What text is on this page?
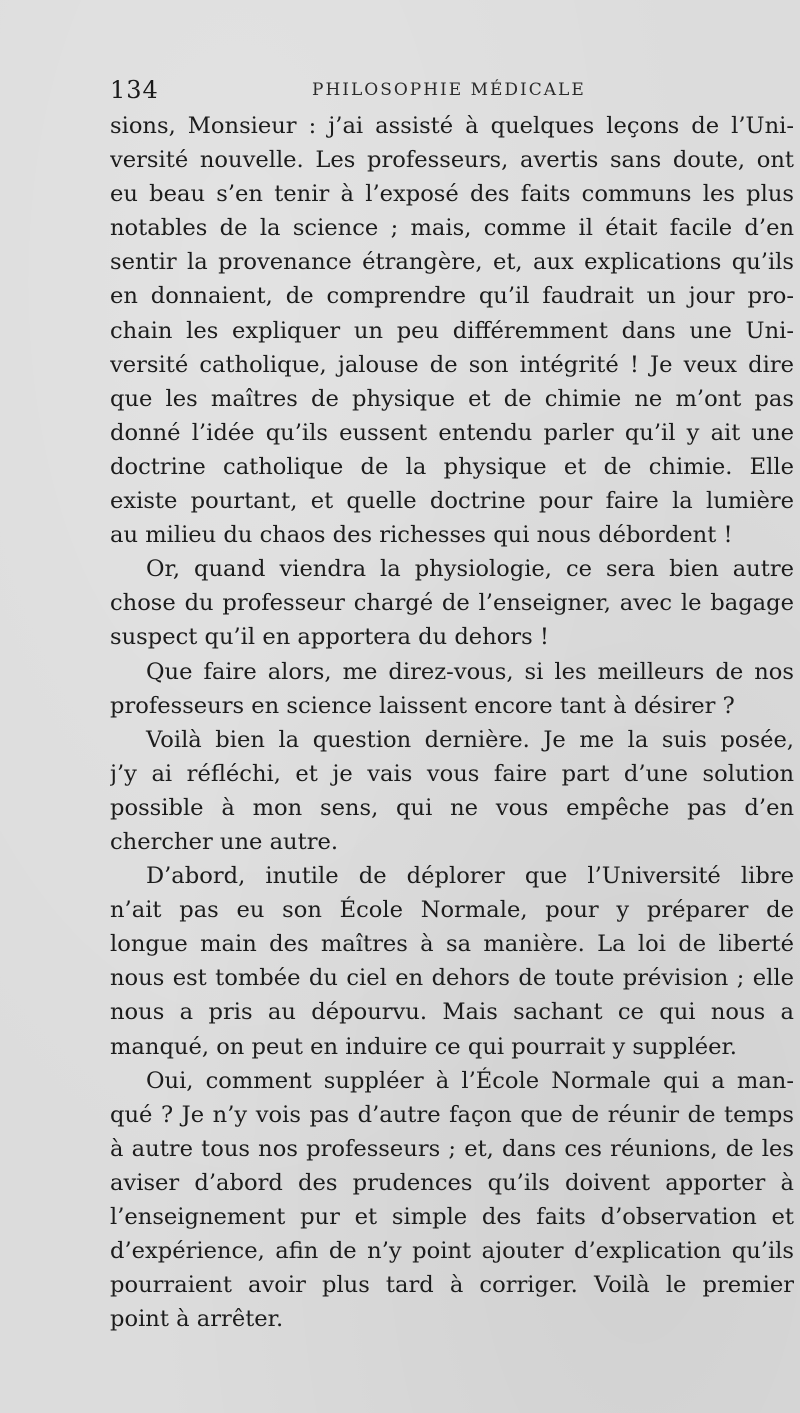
134	PHILOSOPHIE MÉDICALE
sions, Monsieur : j’ai assisté à quelques leçons de l’Uni-
versité nouvelle. Les professeurs, avertis sans doute, ont
eu beau s’en tenir à l’exposé des faits communs les plus
notables de la science ; mais, comme il était facile d’en
sentir la provenance étrangère, et, aux explications qu’ils
en donnaient, de comprendre qu’il faudrait un jour pro-
chain les expliquer un peu différemment dans une Uni-
versité catholique, jalouse de son intégrité ! Je veux dire
que les maîtres de physique et de chimie ne m’ont pas
donné l’idée qu’ils eussent entendu parler qu’il y ait une
doctrine catholique de la physique et de chimie. Elle
existe pourtant, et quelle doctrine pour faire la lumière
au milieu du chaos des richesses qui nous débordent !
Or, quand viendra la physiologie, ce sera bien autre
chose du professeur chargé de l’enseigner, avec le bagage
suspect qu’il en apportera du dehors !
Que faire alors, me direz-vous, si les meilleurs de nos
professeurs en science laissent encore tant à désirer ?
Voilà bien la question dernière. Je me la suis posée,
j’y ai réfléchi, et je vais vous faire part d’une solution
possible à mon sens, qui ne vous empêche pas d’en
chercher une autre.
D’abord, inutile de déplorer que l’Université libre
n’ait pas eu son École Normale, pour y préparer de
longue main des maîtres à sa manière. La loi de liberté
nous est tombée du ciel en dehors de toute prévision ; elle
nous a pris au dépourvu. Mais sachant ce qui nous a
manqué, on peut en induire ce qui pourrait y suppléer.
Oui, comment suppléer à l’École Normale qui a man-
qué ? Je n’y vois pas d’autre façon que de réunir de temps
à autre tous nos professeurs ; et, dans ces réunions, de les
aviser d’abord des prudences qu’ils doivent apporter à
l’enseignement pur et simple des faits d’observation et
d’expérience, afin de n’y point ajouter d’explication qu’ils
pourraient avoir plus tard à corriger. Voilà le premier
point à arrêter.
